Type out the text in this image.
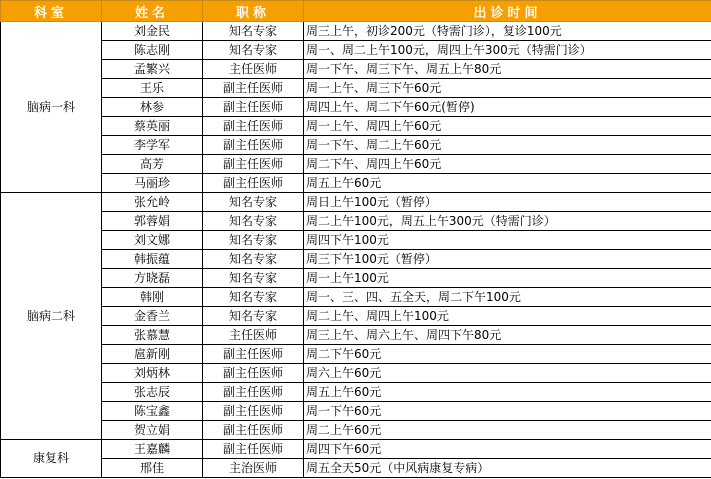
科室	姓名	职称	出诊时间
脑病一科	刘金民	知名专家	周三上午，初诊200元（特需门诊），复诊100元
	陈志刚	知名专家	周一、周二上午100元，周四上午300元（特需门诊）
	孟繁兴	主任医师	周一下午、周三下午、周五上午80元
	王乐	副主任医师	周一上午、周三下午60元
	林参	副主任医师	周四上午、周二下午60元(暂停)
	蔡英丽	副主任医师	周一上午、周四上午60元
	李学军	副主任医师	周一下午、周二上午60元
	高芳	副主任医师	周二下午、周四上午60元
	马丽珍	副主任医师	周五上午60元
脑病二科	张允岭	知名专家	周日上午100元（暂停）
	郭蓉娟	知名专家	周二上午100元，周五上午300元（特需门诊）
	刘文娜	知名专家	周四下午100元
	韩振蕴	知名专家	周三下午100元（暂停）
	方晓磊	知名专家	周一上午100元
	韩刚	知名专家	周一、三、四、五全天，周二下午100元
	金香兰	知名专家	周二上午、周四上午100元
	张慕慧	主任医师	周三上午、周六上午、周四下午80元
	扈新刚	副主任医师	周二下午60元
	刘炳林	副主任医师	周六上午60元
	张志辰	副主任医师	周五上午60元
	陈宝鑫	副主任医师	周一下午60元
	贺立娟	副主任医师	周二上午60元
康复科	王嘉麟	副主任医师	周四下午60元
	邢佳	主治医师	周五全天50元（中风病康复专病）
